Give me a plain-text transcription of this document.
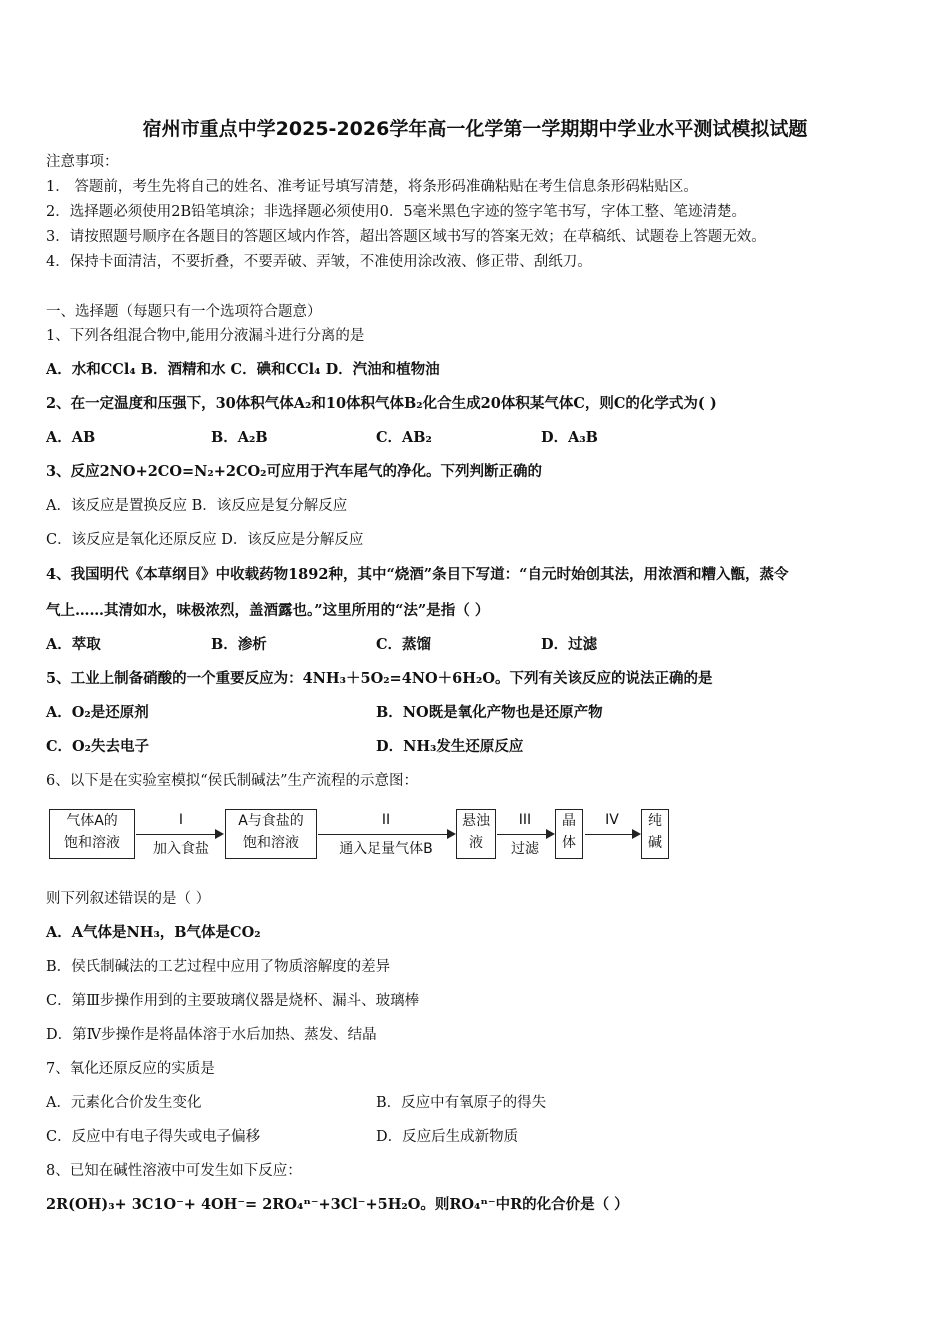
宿州市重点中学2025-2026学年高一化学第一学期期中学业水平测试模拟试题
注意事项：
1． 答题前，考生先将自己的姓名、准考证号填写清楚，将条形码准确粘贴在考生信息条形码粘贴区。
2．选择题必须使用2B铅笔填涂；非选择题必须使用0．5毫米黑色字迹的签字笔书写，字体工整、笔迹清楚。
3．请按照题号顺序在各题目的答题区域内作答，超出答题区域书写的答案无效；在草稿纸、试题卷上答题无效。
4．保持卡面清洁，不要折叠，不要弄破、弄皱，不准使用涂改液、修正带、刮纸刀。
一、选择题（每题只有一个选项符合题意）
1、下列各组混合物中,能用分液漏斗进行分离的是
A．水和CCl₄ B．酒精和水 C．碘和CCl₄ D．汽油和植物油
2、在一定温度和压强下，30体积气体A₂和10体积气体B₂化合生成20体积某气体C，则C的化学式为( )
A．AB	B．A₂B	C．AB₂	D．A₃B
3、反应2NO+2CO=N₂+2CO₂可应用于汽车尾气的净化。下列判断正确的
A．该反应是置换反应 B．该反应是复分解反应
C．该反应是氧化还原反应 D．该反应是分解反应
4、我国明代《本草纲目》中收载药物1892种，其中“烧酒”条目下写道：“自元时始创其法，用浓酒和糟入甑，蒸令
气上……其清如水，味极浓烈，盖酒露也。”这里所用的“法”是指（ ）
A．萃取	B．渗析	C．蒸馏	D．过滤
5、工业上制备硝酸的一个重要反应为：4NH₃＋5O₂=4NO＋6H₂O。下列有关该反应的说法正确的是
A．O₂是还原剂	B．NO既是氧化产物也是还原产物
C．O₂失去电子	D．NH₃发生还原反应
6、以下是在实验室模拟“侯氏制碱法”生产流程的示意图：
气体A的
饱和溶液
I
加入食盐
A与食盐的
饱和溶液
II
通入足量气体B
悬浊
液
III
过滤
晶
体
IV	纯
碱
则下列叙述错误的是（ ）
A．A气体是NH₃，B气体是CO₂
B．侯氏制碱法的工艺过程中应用了物质溶解度的差异
C．第Ⅲ步操作用到的主要玻璃仪器是烧杯、漏斗、玻璃棒
D．第Ⅳ步操作是将晶体溶于水后加热、蒸发、结晶
7、氧化还原反应的实质是
A．元素化合价发生变化	B．反应中有氧原子的得失
C．反应中有电子得失或电子偏移	D．反应后生成新物质
8、已知在碱性溶液中可发生如下反应：
2R(OH)₃+ 3C1O⁻+ 4OH⁻= 2RO₄ⁿ⁻+3Cl⁻+5H₂O。则RO₄ⁿ⁻中R的化合价是（ ）
